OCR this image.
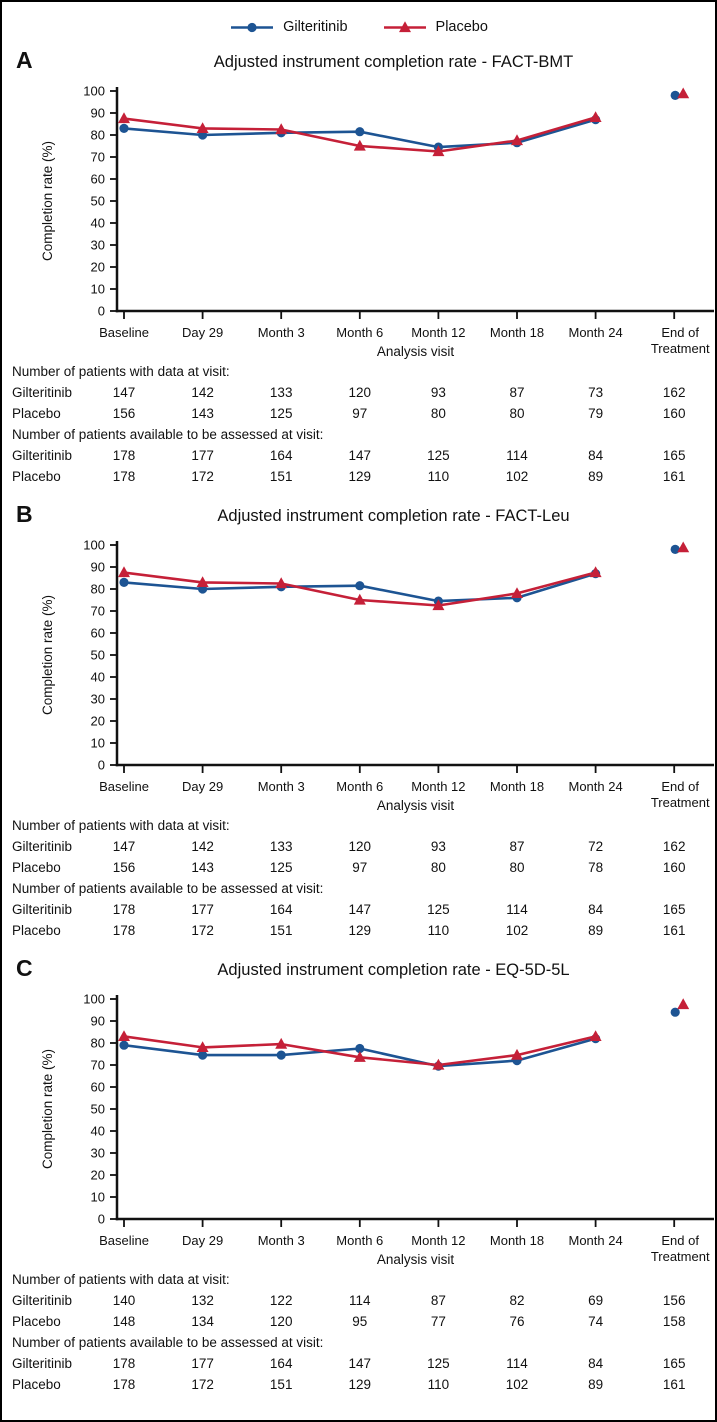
Gilteritinib	Placebo
A	Adjusted instrument completion rate - FACT-BMT
0
10
20
30
40
50
60
70
80
90
100
Completion rate (%)
Baseline	Day 29	Month 3 Month 6 Month 12 Month 18 Month 24	End of
Treatment
Analysis visit
Number of patients with data at visit:
Gilteritinib	147	142	133	120	93	87	73	162
Placebo	156	143	125	97	80	80	79	160
Number of patients available to be assessed at visit:
Gilteritinib	178	177	164	147	125	114	84	165
Placebo	178	172	151	129	110	102	89	161
B	Adjusted instrument completion rate - FACT-Leu
0
10
20
30
40
50
60
70
80
90
100
Completion rate (%)
Baseline	Day 29	Month 3 Month 6 Month 12 Month 18 Month 24	End of
Treatment
Analysis visit
Number of patients with data at visit:
Gilteritinib	147	142	133	120	93	87	72	162
Placebo	156	143	125	97	80	80	78	160
Number of patients available to be assessed at visit:
Gilteritinib	178	177	164	147	125	114	84	165
Placebo	178	172	151	129	110	102	89	161
C	Adjusted instrument completion rate - EQ-5D-5L
0
10
20
30
40
50
60
70
80
90
100
Completion rate (%)
Baseline	Day 29	Month 3 Month 6 Month 12 Month 18 Month 24	End of
Treatment
Analysis visit
Number of patients with data at visit:
Gilteritinib	140	132	122	114	87	82	69	156
Placebo	148	134	120	95	77	76	74	158
Number of patients available to be assessed at visit:
Gilteritinib	178	177	164	147	125	114	84	165
Placebo	178	172	151	129	110	102	89	161
